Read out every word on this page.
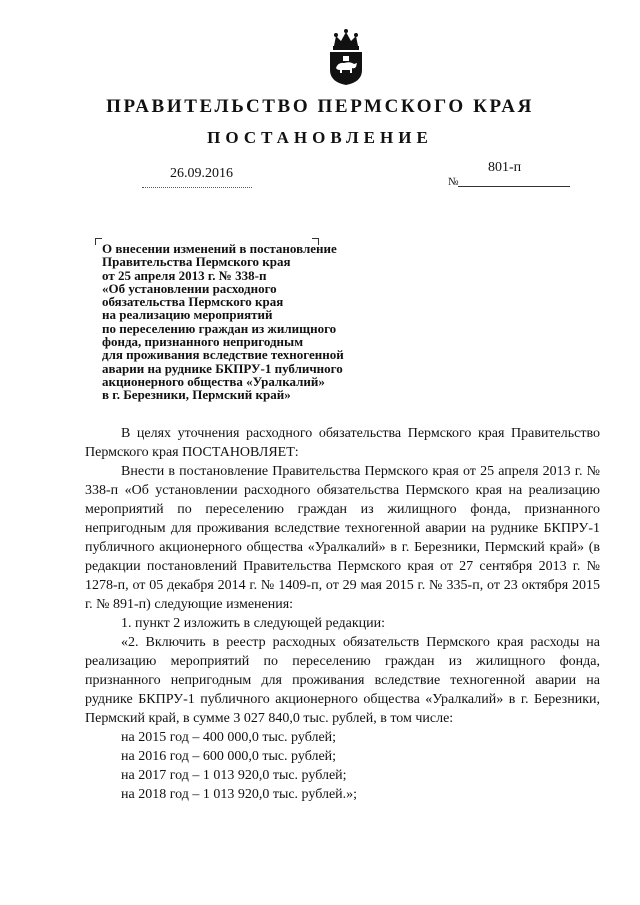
ПРАВИТЕЛЬСТВО ПЕРМСКОГО КРАЯ
ПОСТАНОВЛЕНИЕ
26.09.2016
№
801-п
О внесении изменений в постановление
Правительства Пермского края
от 25 апреля 2013 г. № 338-п
«Об установлении расходного
обязательства Пермского края
на реализацию мероприятий
по переселению граждан из жилищного
фонда, признанного непригодным
для проживания вследствие техногенной
аварии на руднике БКПРУ-1 публичного
акционерного общества «Уралкалий»
в г. Березники, Пермский край»

В целях уточнения расходного обязательства Пермского края Правительство Пермского края ПОСТАНОВЛЯЕТ:

Внести в постановление Правительства Пермского края от 25 апреля 2013 г. № 338-п «Об установлении расходного обязательства Пермского края на реализацию мероприятий по переселению граждан из жилищного фонда, признанного непригодным для проживания вследствие техногенной аварии на руднике БКПРУ-1 публичного акционерного общества «Уралкалий» в г. Березники, Пермский край» (в редакции постановлений Правительства Пермского края от 27 сентября 2013 г. № 1278-п, от 05 декабря 2014 г. № 1409-п, от 29 мая 2015 г. № 335-п, от 23 октября 2015 г. № 891-п) следующие изменения:

1. пункт 2 изложить в следующей редакции:

«2. Включить в реестр расходных обязательств Пермского края расходы на реализацию мероприятий по переселению граждан из жилищного фонда, признанного непригодным для проживания вследствие техногенной аварии на руднике БКПРУ-1 публичного акционерного общества «Уралкалий» в г. Березники, Пермский край, в сумме 3 027 840,0 тыс. рублей, в том числе:

на 2015 год – 400 000,0 тыс. рублей;

на 2016 год – 600 000,0 тыс. рублей;

на 2017 год – 1 013 920,0 тыс. рублей;

на 2018 год – 1 013 920,0 тыс. рублей.»;
